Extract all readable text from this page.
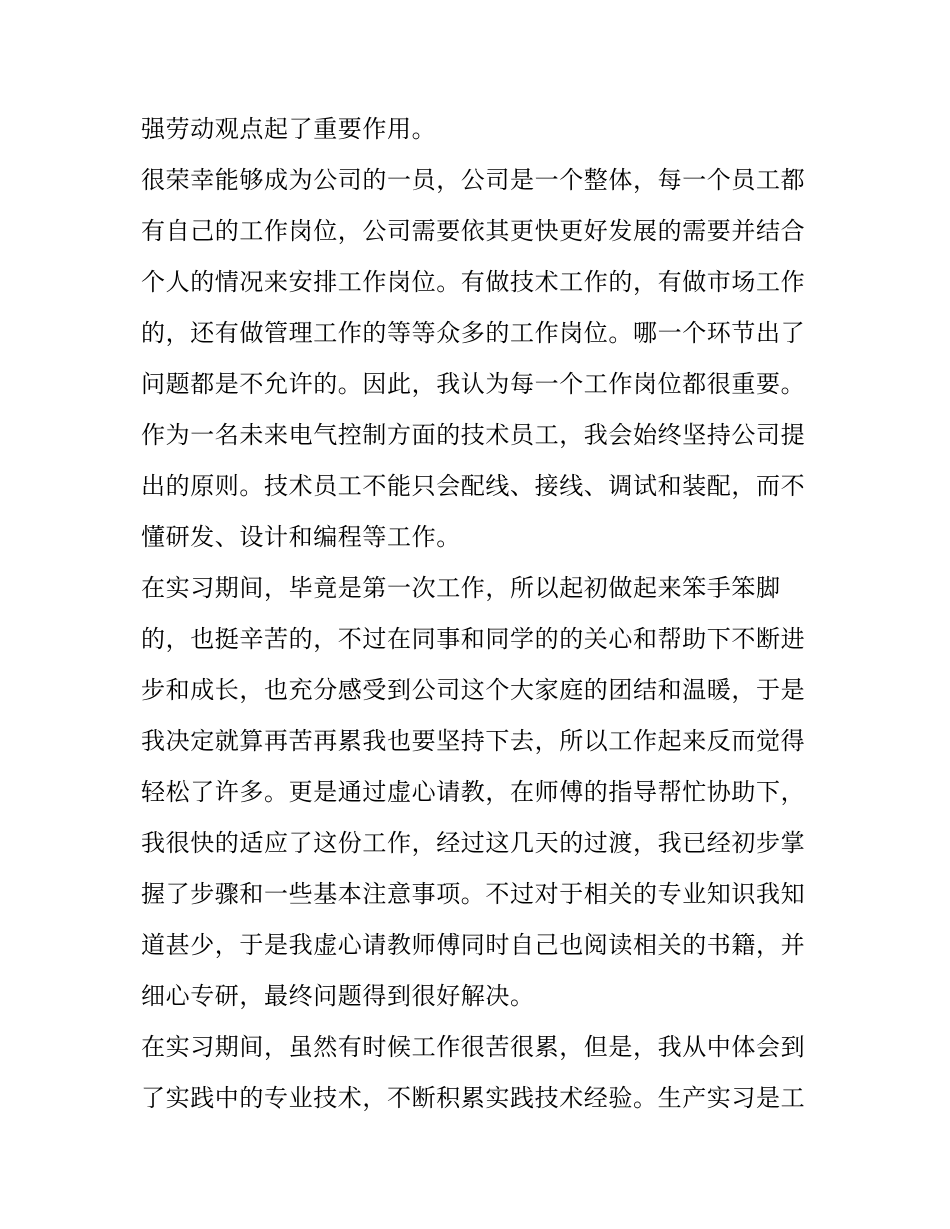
强劳动观点起了重要作用。
很荣幸能够成为公司的一员，公司是一个整体，每一个员工都
有自己的工作岗位，公司需要依其更快更好发展的需要并结合
个人的情况来安排工作岗位。有做技术工作的，有做市场工作
的，还有做管理工作的等等众多的工作岗位。哪一个环节出了
问题都是不允许的。因此，我认为每一个工作岗位都很重要。
作为一名未来电气控制方面的技术员工，我会始终坚持公司提
出的原则。技术员工不能只会配线、接线、调试和装配，而不
懂研发、设计和编程等工作。
在实习期间，毕竟是第一次工作，所以起初做起来笨手笨脚
的，也挺辛苦的，不过在同事和同学的的关心和帮助下不断进
步和成长，也充分感受到公司这个大家庭的团结和温暖，于是
我决定就算再苦再累我也要坚持下去，所以工作起来反而觉得
轻松了许多。更是通过虚心请教，在师傅的指导帮忙协助下，
我很快的适应了这份工作，经过这几天的过渡，我已经初步掌
握了步骤和一些基本注意事项。不过对于相关的专业知识我知
道甚少，于是我虚心请教师傅同时自己也阅读相关的书籍，并
细心专研，最终问题得到很好解决。
在实习期间，虽然有时候工作很苦很累，但是，我从中体会到
了实践中的专业技术，不断积累实践技术经验。生产实习是工
